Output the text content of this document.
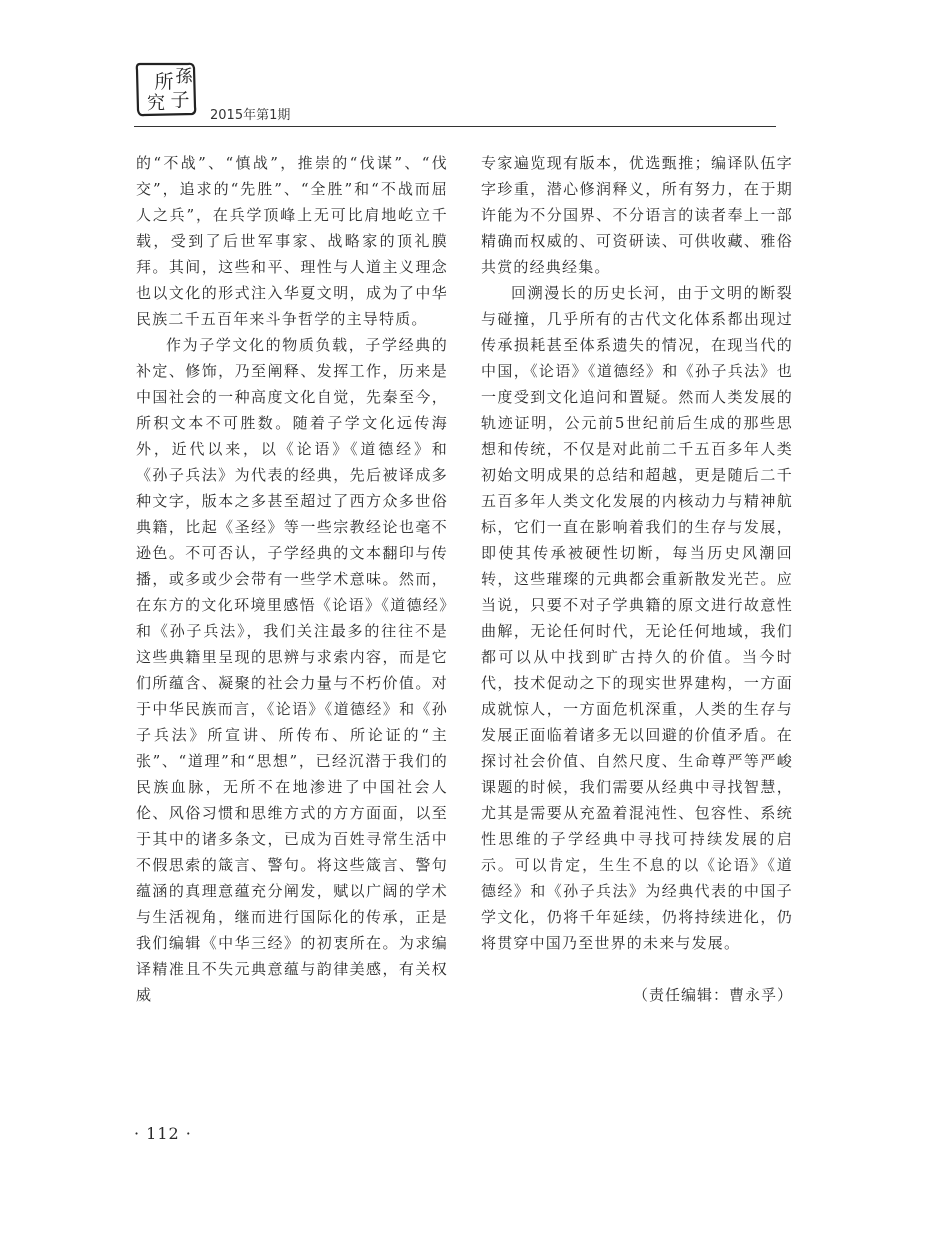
所 孫
究 子
2015年第1期

的“不战”、“慎战”，推崇的“伐谋”、“伐交”，追求的“先胜”、“全胜”和“不战而屈人之兵”，在兵学顶峰上无可比肩地屹立千载，受到了后世军事家、战略家的顶礼膜拜。其间，这些和平、理性与人道主义理念也以文化的形式注入华夏文明，成为了中华民族二千五百年来斗争哲学的主导特质。

作为子学文化的物质负载，子学经典的补定、修饰，乃至阐释、发挥工作，历来是中国社会的一种高度文化自觉，先秦至今，所积文本不可胜数。随着子学文化远传海外，近代以来，以《论语》《道德经》和《孙子兵法》为代表的经典，先后被译成多种文字，版本之多甚至超过了西方众多世俗典籍，比起《圣经》等一些宗教经论也毫不逊色。不可否认，子学经典的文本翻印与传播，或多或少会带有一些学术意味。然而，在东方的文化环境里感悟《论语》《道德经》和《孙子兵法》，我们关注最多的往往不是这些典籍里呈现的思辨与求索内容，而是它们所蕴含、凝聚的社会力量与不朽价值。对于中华民族而言，《论语》《道德经》和《孙子兵法》所宣讲、所传布、所论证的“主张”、“道理”和“思想”，已经沉潜于我们的民族血脉，无所不在地渗进了中国社会人伦、风俗习惯和思维方式的方方面面，以至于其中的诸多条文，已成为百姓寻常生活中不假思索的箴言、警句。将这些箴言、警句蕴涵的真理意蕴充分阐发，赋以广阔的学术与生活视角，继而进行国际化的传承，正是我们编辑《中华三经》的初衷所在。为求编译精准且不失元典意蕴与韵律美感，有关权威

专家遍览现有版本，优选甄推；编译队伍字字珍重，潜心修润释义，所有努力，在于期许能为不分国界、不分语言的读者奉上一部精确而权威的、可资研读、可供收藏、雅俗共赏的经典经集。

回溯漫长的历史长河，由于文明的断裂与碰撞，几乎所有的古代文化体系都出现过传承损耗甚至体系遗失的情况，在现当代的中国，《论语》《道德经》和《孙子兵法》也一度受到文化追问和置疑。然而人类发展的轨迹证明，公元前5世纪前后生成的那些思想和传统，不仅是对此前二千五百多年人类初始文明成果的总结和超越，更是随后二千五百多年人类文化发展的内核动力与精神航标，它们一直在影响着我们的生存与发展，即使其传承被硬性切断，每当历史风潮回转，这些璀璨的元典都会重新散发光芒。应当说，只要不对子学典籍的原文进行故意性曲解，无论任何时代，无论任何地域，我们都可以从中找到旷古持久的价值。当今时代，技术促动之下的现实世界建构，一方面成就惊人，一方面危机深重，人类的生存与发展正面临着诸多无以回避的价值矛盾。在探讨社会价值、自然尺度、生命尊严等严峻课题的时候，我们需要从经典中寻找智慧，尤其是需要从充盈着混沌性、包容性、系统性思维的子学经典中寻找可持续发展的启示。可以肯定，生生不息的以《论语》《道德经》和《孙子兵法》为经典代表的中国子学文化，仍将千年延续，仍将持续进化，仍将贯穿中国乃至世界的未来与发展。

（责任编辑：曹永孚）
· 112 ·
